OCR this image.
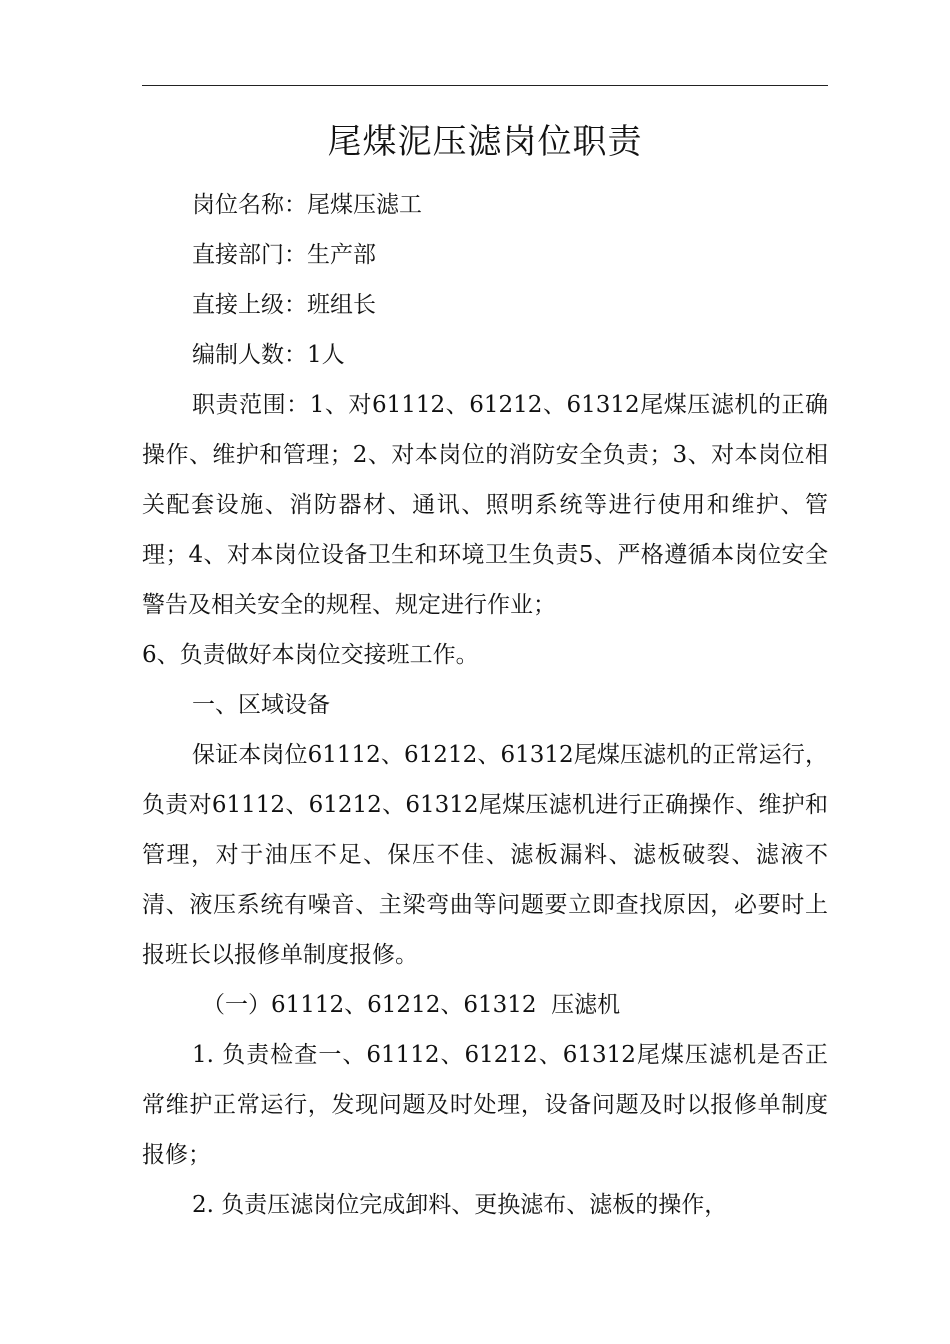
尾煤泥压滤岗位职责

岗位名称：尾煤压滤工

直接部门：生产部

直接上级：班组长

编制人数：1人

职责范围：1、对61112、61212、61312尾煤压滤机的正确操作、维护和管理；2、对本岗位的消防安全负责；3、对本岗位相关配套设施、消防器材、通讯、照明系统等进行使用和维护、管理；4、对本岗位设备卫生和环境卫生负责5、严格遵循本岗位安全警告及相关安全的规程、规定进行作业；

6、负责做好本岗位交接班工作。

一、区域设备

保证本岗位61112、61212、61312尾煤压滤机的正常运行，负责对61112、61212、61312尾煤压滤机进行正确操作、维护和管理，对于油压不足、保压不佳、滤板漏料、滤板破裂、滤液不清、液压系统有噪音、主梁弯曲等问题要立即查找原因，必要时上报班长以报修单制度报修。

（一）61112、61212、61312  压滤机

1. 负责检查一、61112、61212、61312尾煤压滤机是否正常维护正常运行，发现问题及时处理，设备问题及时以报修单制度报修；

2. 负责压滤岗位完成卸料、更换滤布、滤板的操作，
